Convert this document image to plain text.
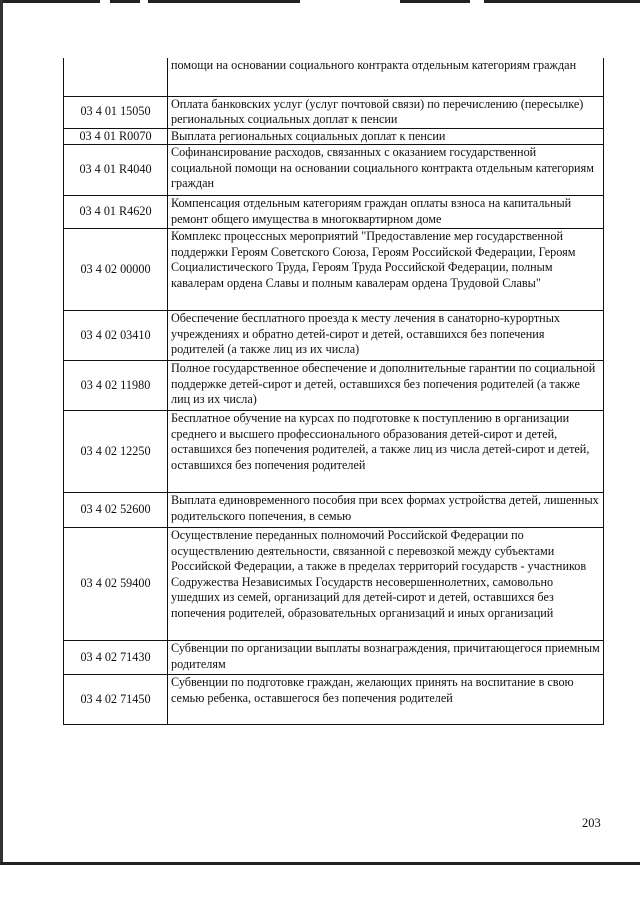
	помощи на основании социального контракта отдельным категориям граждан
03 4 01 15050	Оплата банковских услуг (услуг почтовой связи) по перечислению (пересылке) региональных социальных доплат к пенсии
03 4 01 R0070	Выплата региональных социальных доплат к пенсии
03 4 01 R4040	Софинансирование расходов, связанных с оказанием государственной социальной помощи на основании социального контракта отдельным категориям граждан
03 4 01 R4620	Компенсация отдельным категориям граждан оплаты взноса на капитальный ремонт общего имущества в многоквартирном доме
03 4 02 00000	Комплекс процессных мероприятий "Предоставление мер государственной поддержки Героям Советского Союза, Героям Российской Федерации, Героям Социалистического Труда, Героям Труда Российской Федерации, полным кавалерам ордена Славы и полным кавалерам ордена Трудовой Славы"
03 4 02 03410	Обеспечение бесплатного проезда к месту лечения в санаторно-курортных учреждениях и обратно детей-сирот и детей, оставшихся без попечения родителей (а также лиц из их числа)
03 4 02 11980	Полное государственное обеспечение и дополнительные гарантии по социальной поддержке детей-сирот и детей, оставшихся без попечения родителей (а также лиц из их числа)
03 4 02 12250	Бесплатное обучение на курсах по подготовке к поступлению в организации среднего и высшего профессионального образования детей-сирот и детей, оставшихся без попечения родителей, а также лиц из числа детей-сирот и детей, оставшихся без попечения родителей
03 4 02 52600	Выплата единовременного пособия при всех формах устройства детей, лишенных родительского попечения, в семью
03 4 02 59400	Осуществление переданных полномочий Российской Федерации по осуществлению деятельности, связанной с перевозкой между субъектами Российской Федерации, а также в пределах территорий государств - участников Содружества Независимых Государств несовершеннолетних, самовольно ушедших из семей, организаций для детей-сирот и детей, оставшихся без попечения родителей, образовательных организаций и иных организаций
03 4 02 71430	Субвенции по организации выплаты вознаграждения, причитающегося приемным родителям
03 4 02 71450	Субвенции по подготовке граждан, желающих принять на воспитание в свою семью ребенка, оставшегося без попечения родителей
203
